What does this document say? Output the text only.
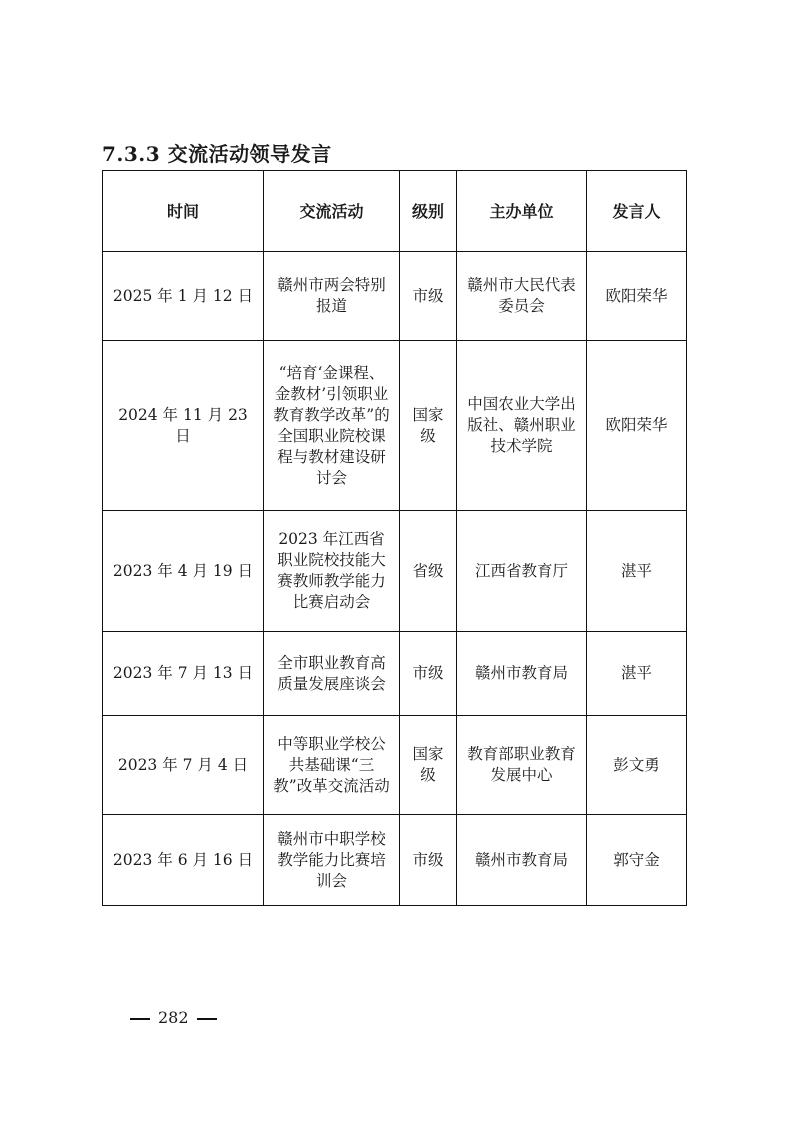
7.3.3 交流活动领导发言
时间	交流活动	级别	主办单位	发言人
2025 年 1 月 12 日	赣州市两会特别报道	市级	赣州市大民代表委员会	欧阳荣华
2024 年 11 月 23 日	“培育‘金课程、金教材’引领职业教育教学改革”的全国职业院校课程与教材建设研讨会	国家级	中国农业大学出版社、赣州职业技术学院	欧阳荣华
2023 年 4 月 19 日	2023 年江西省职业院校技能大赛教师教学能力比赛启动会	省级	江西省教育厅	湛平
2023 年 7 月 13 日	全市职业教育高质量发展座谈会	市级	赣州市教育局	湛平
2023 年 7 月 4 日	中等职业学校公共基础课“三教”改革交流活动	国家级	教育部职业教育发展中心	彭文勇
2023 年 6 月 16 日	赣州市中职学校教学能力比赛培训会	市级	赣州市教育局	郭守金
282
